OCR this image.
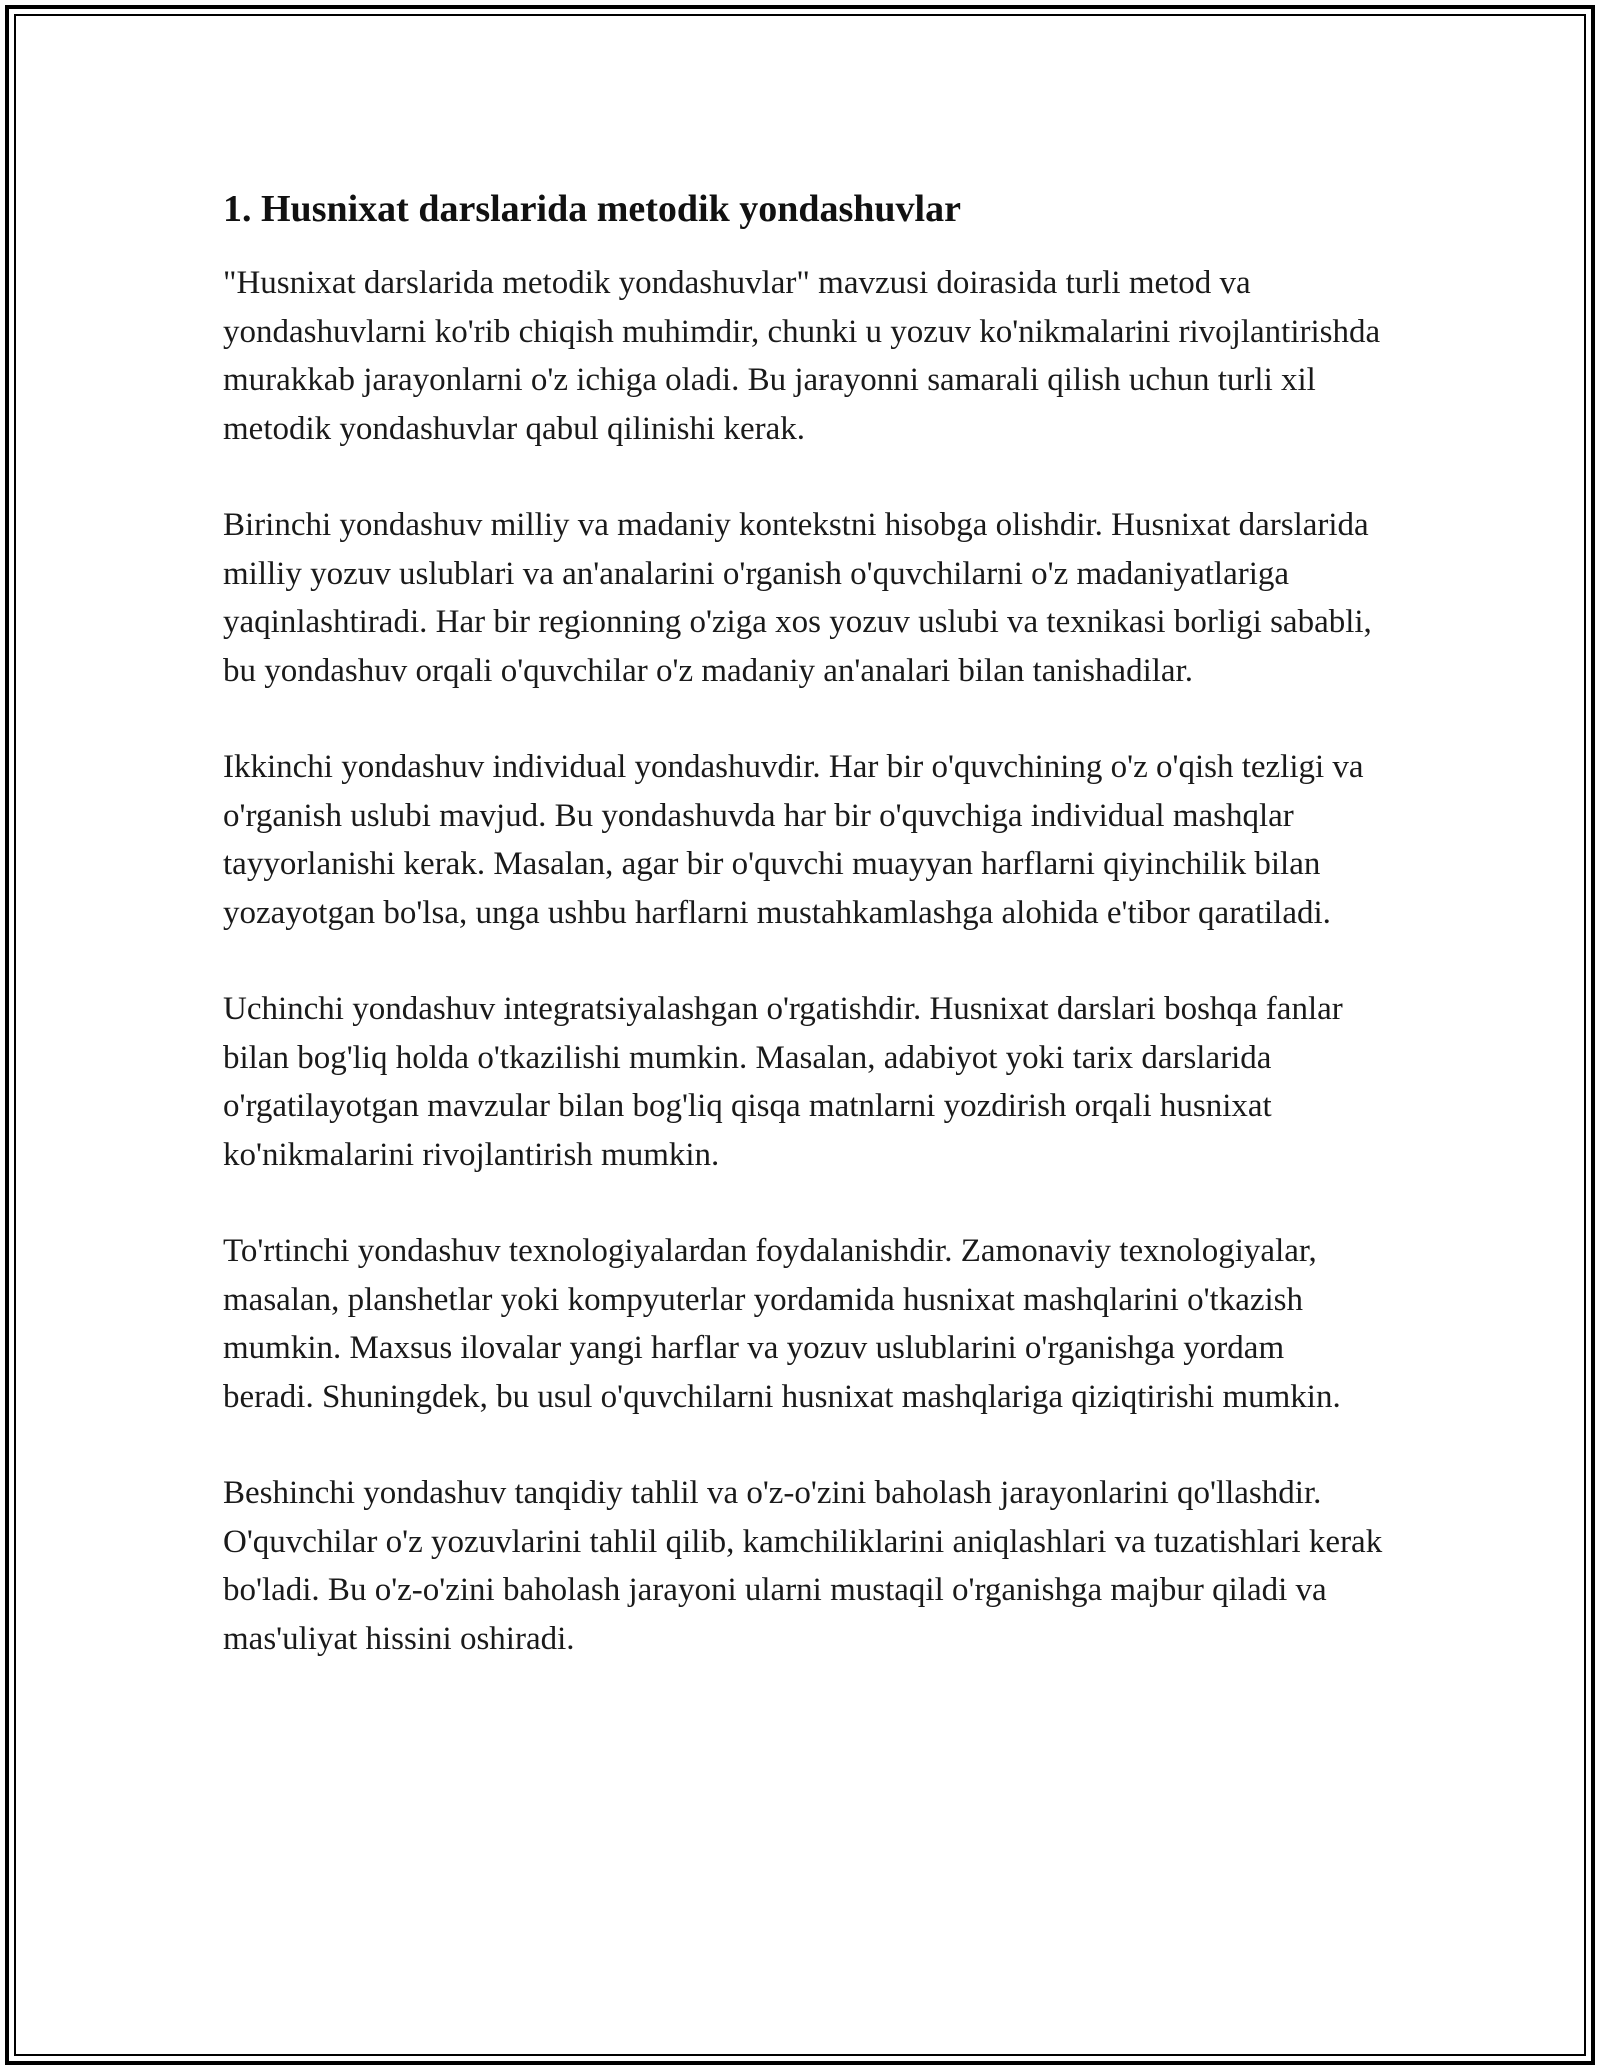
1. Husnixat darslarida metodik yondashuvlar

"Husnixat darslarida metodik yondashuvlar" mavzusi doirasida turli metod va yondashuvlarni ko'rib chiqish muhimdir, chunki u yozuv ko'nikmalarini rivojlantirishda murakkab jarayonlarni o'z ichiga oladi. Bu jarayonni samarali qilish uchun turli xil metodik yondashuvlar qabul qilinishi kerak.

Birinchi yondashuv milliy va madaniy kontekstni hisobga olishdir. Husnixat darslarida milliy yozuv uslublari va an'analarini o'rganish o'quvchilarni o'z madaniyatlariga yaqinlashtiradi. Har bir regionning o'ziga xos yozuv uslubi va texnikasi borligi sababli, bu yondashuv orqali o'quvchilar o'z madaniy an'analari bilan tanishadilar.

Ikkinchi yondashuv individual yondashuvdir. Har bir o'quvchining o'z o'qish tezligi va o'rganish uslubi mavjud. Bu yondashuvda har bir o'quvchiga individual mashqlar tayyorlanishi kerak. Masalan, agar bir o'quvchi muayyan harflarni qiyinchilik bilan yozayotgan bo'lsa, unga ushbu harflarni mustahkamlashga alohida e'tibor qaratiladi.

Uchinchi yondashuv integratsiyalashgan o'rgatishdir. Husnixat darslari boshqa fanlar bilan bog'liq holda o'tkazilishi mumkin. Masalan, adabiyot yoki tarix darslarida o'rgatilayotgan mavzular bilan bog'liq qisqa matnlarni yozdirish orqali husnixat ko'nikmalarini rivojlantirish mumkin.

To'rtinchi yondashuv texnologiyalardan foydalanishdir. Zamonaviy texnologiyalar, masalan, planshetlar yoki kompyuterlar yordamida husnixat mashqlarini o'tkazish mumkin. Maxsus ilovalar yangi harflar va yozuv uslublarini o'rganishga yordam beradi. Shuningdek, bu usul o'quvchilarni husnixat mashqlariga qiziqtirishi mumkin.

Beshinchi yondashuv tanqidiy tahlil va o'z-o'zini baholash jarayonlarini qo'llashdir. O'quvchilar o'z yozuvlarini tahlil qilib, kamchiliklarini aniqlashlari va tuzatishlari kerak bo'ladi. Bu o'z-o'zini baholash jarayoni ularni mustaqil o'rganishga majbur qiladi va mas'uliyat hissini oshiradi.
